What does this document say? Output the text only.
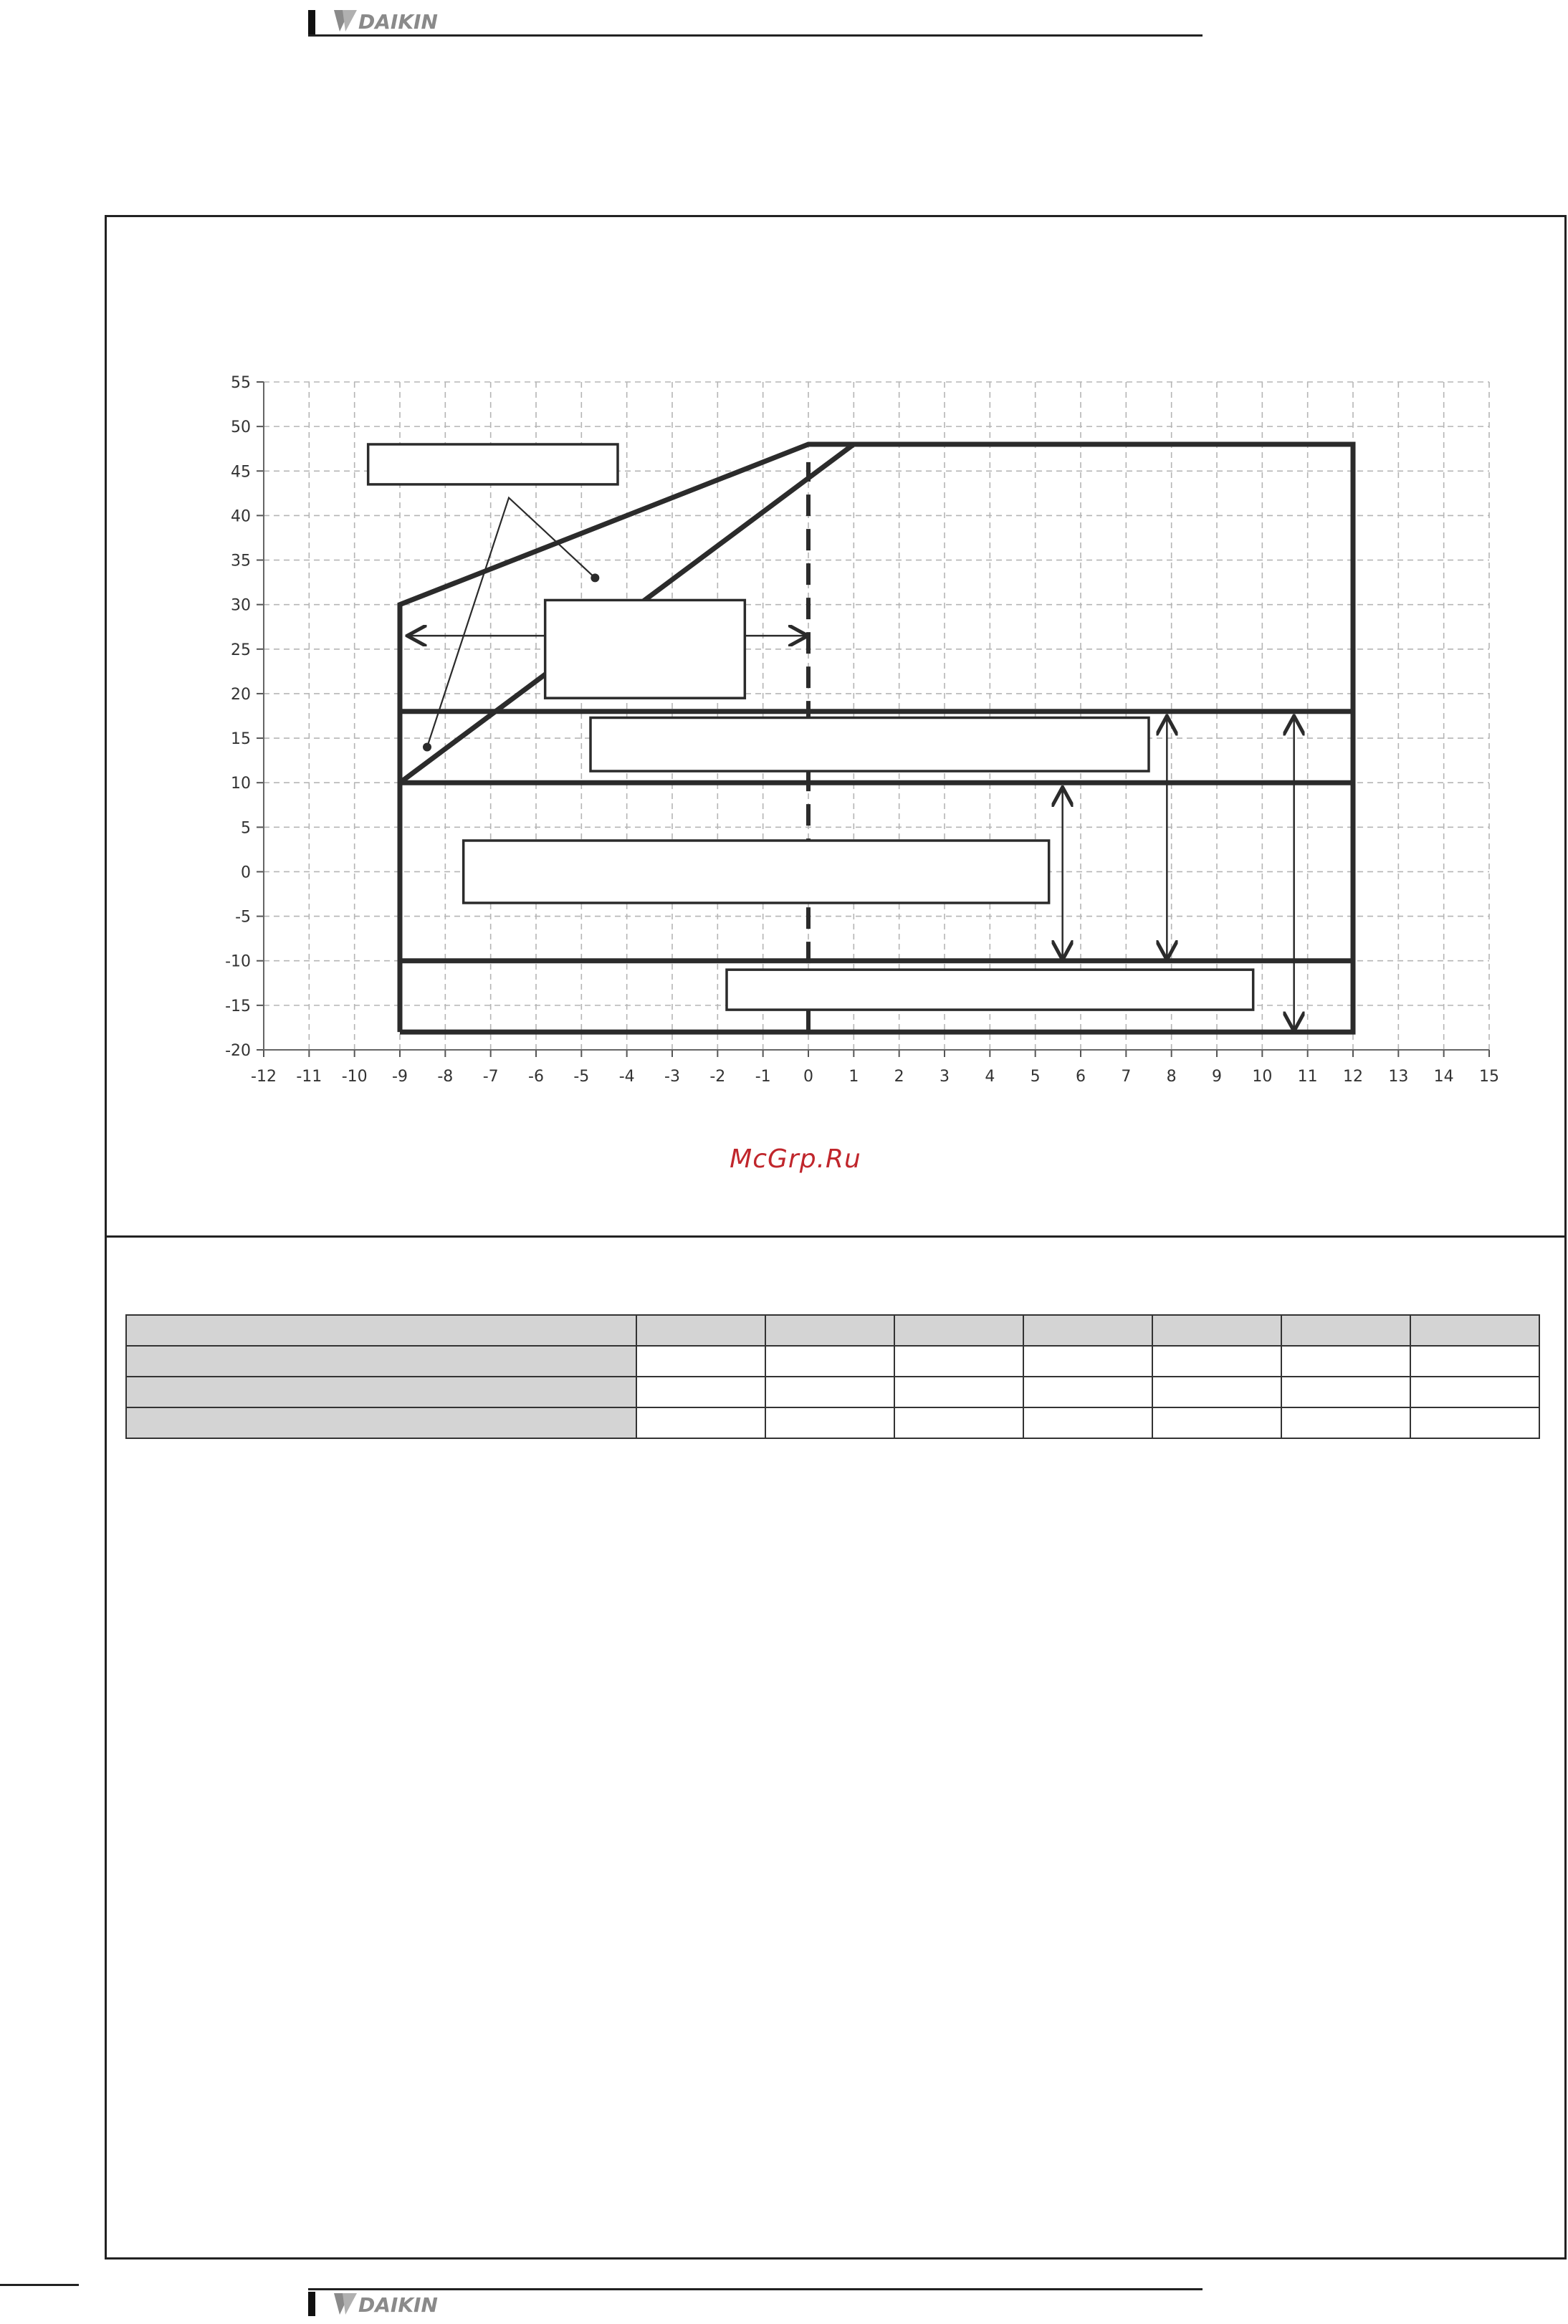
DAIKIN
-12 -11 -10 -9 -8 -7 -6 -5 -4 -3 -2 -1 0 1 2 3 4 5 6 7 8 9 10 11 12 13 14 15
55
50
45
40
35
30
25
20
15
10
5
0
-5
-10
-15
-20
McGrp.Ru

DAIKIN
